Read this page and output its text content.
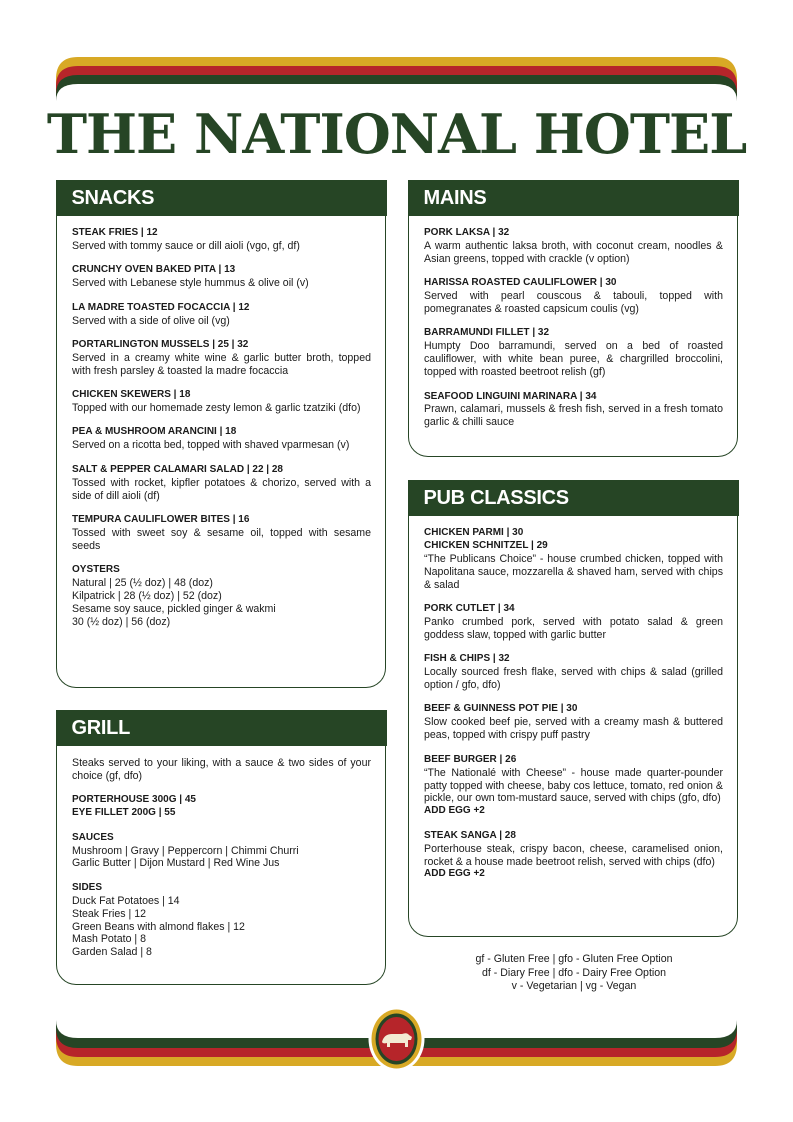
THE NATIONAL HOTEL
SNACKS
STEAK FRIES | 12
Served with tommy sauce or dill aioli (vgo, gf, df)
CRUNCHY OVEN BAKED PITA | 13
Served with Lebanese style hummus & olive oil (v)
LA MADRE TOASTED FOCACCIA | 12
Served with a side of olive oil (vg)
PORTARLINGTON MUSSELS | 25 | 32
Served in a creamy white wine & garlic butter broth, topped with fresh parsley & toasted la madre focaccia
CHICKEN SKEWERS | 18
Topped with our homemade zesty lemon & garlic tzatziki (dfo)
PEA & MUSHROOM ARANCINI | 18
Served on a ricotta bed, topped with shaved vparmesan (v)
SALT & PEPPER CALAMARI SALAD | 22 | 28
Tossed with rocket, kipfler potatoes & chorizo, served with a side of dill aioli (df)
TEMPURA CAULIFLOWER BITES | 16
Tossed with sweet soy & sesame oil, topped with sesame seeds
OYSTERS
Natural | 25 (½ doz) | 48 (doz)
Kilpatrick | 28 (½ doz) | 52 (doz)
Sesame soy sauce, pickled ginger & wakmi
30 (½ doz) | 56 (doz)
GRILL
Steaks served to your liking, with a sauce & two sides of your choice (gf, dfo)
PORTERHOUSE 300G | 45
EYE FILLET 200G | 55
SAUCES
Mushroom | Gravy | Peppercorn | Chimmi Churri
Garlic Butter | Dijon Mustard | Red Wine Jus
SIDES
Duck Fat Potatoes | 14
Steak Fries | 12
Green Beans with almond flakes | 12
Mash Potato | 8
Garden Salad | 8
MAINS
PORK LAKSA | 32
A warm authentic laksa broth, with coconut cream, noodles & Asian greens, topped with crackle (v option)
HARISSA ROASTED CAULIFLOWER | 30
Served with pearl couscous & tabouli, topped with pomegranates & roasted capsicum coulis (vg)
BARRAMUNDI FILLET | 32
Humpty Doo barramundi, served on a bed of roasted cauliflower, with white bean puree, & chargrilled broccolini, topped with roasted beetroot relish (gf)
SEAFOOD LINGUINI MARINARA | 34
Prawn, calamari, mussels & fresh fish, served in a fresh tomato garlic & chilli sauce
PUB CLASSICS
CHICKEN PARMI | 30
CHICKEN SCHNITZEL | 29
“The Publicans Choice” - house crumbed chicken, topped with Napolitana sauce, mozzarella & shaved ham, served with chips & salad
PORK CUTLET | 34
Panko crumbed pork, served with potato salad & green goddess slaw, topped with garlic butter
FISH & CHIPS | 32
Locally sourced fresh flake, served with chips & salad (grilled option / gfo, dfo)
BEEF & GUINNESS POT PIE | 30
Slow cooked beef pie, served with a creamy mash & buttered peas, topped with crispy puff pastry
BEEF BURGER | 26
“The Nationalé with Cheese” - house made quarter-pounder patty topped with cheese, baby cos lettuce, tomato, red onion & pickle, our own tom-mustard sauce, served with chips (gfo, dfo)
ADD EGG +2
STEAK SANGA | 28
Porterhouse steak, crispy bacon, cheese, caramelised onion, rocket & a house made beetroot relish, served with chips (dfo)
ADD EGG +2
gf - Gluten Free | gfo - Gluten Free Option
df - Diary Free | dfo - Dairy Free Option
v - Vegetarian | vg - Vegan
